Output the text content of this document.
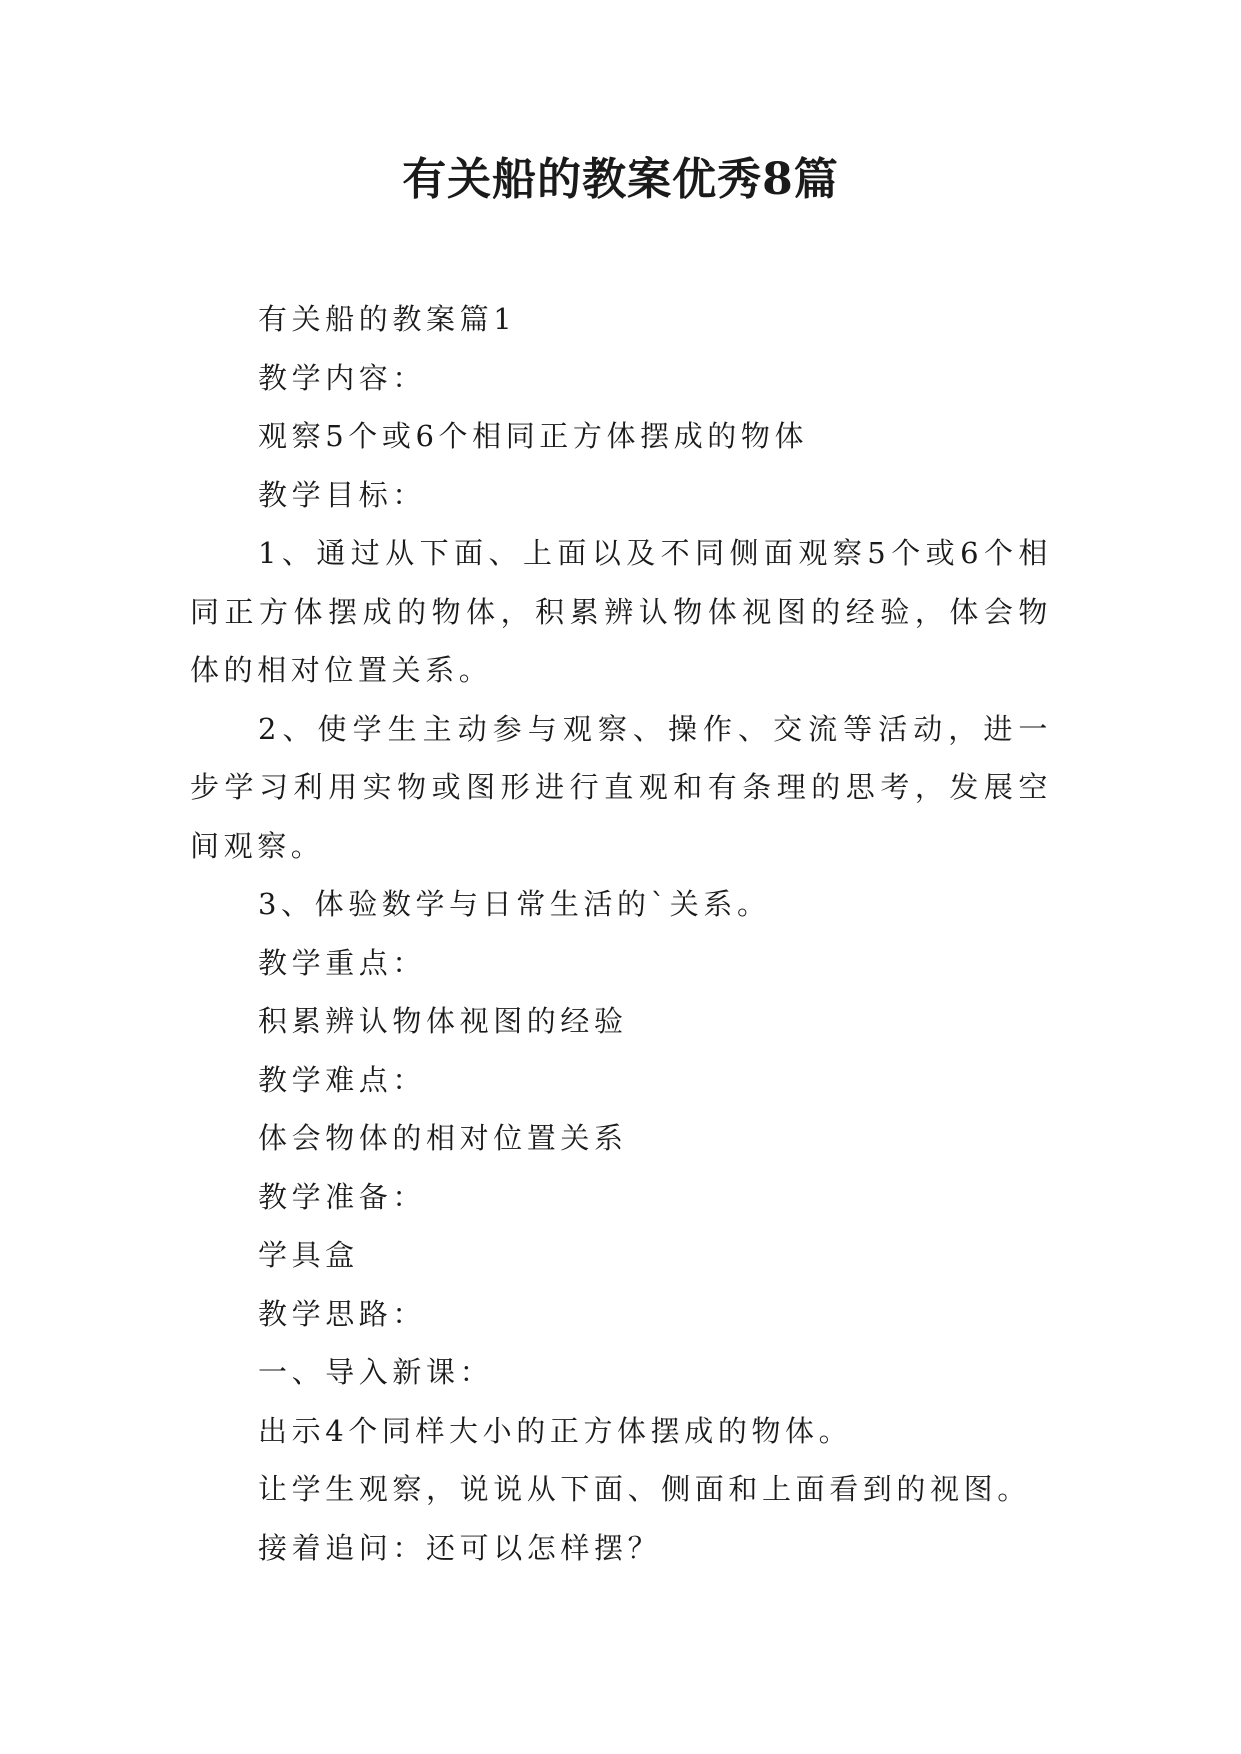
有关船的教案优秀8篇

有关船的教案篇1

教学内容：

观察5个或6个相同正方体摆成的物体

教学目标：

1、通过从下面、上面以及不同侧面观察5个或6个相同正方体摆成的物体，积累辨认物体视图的经验，体会物体的相对位置关系。

2、使学生主动参与观察、操作、交流等活动，进一步学习利用实物或图形进行直观和有条理的思考，发展空间观察。

3、体验数学与日常生活的`关系。

教学重点：

积累辨认物体视图的经验

教学难点：

体会物体的相对位置关系

教学准备：

学具盒

教学思路：

一、导入新课：

出示4个同样大小的正方体摆成的物体。

让学生观察，说说从下面、侧面和上面看到的视图。

接着追问：还可以怎样摆？
